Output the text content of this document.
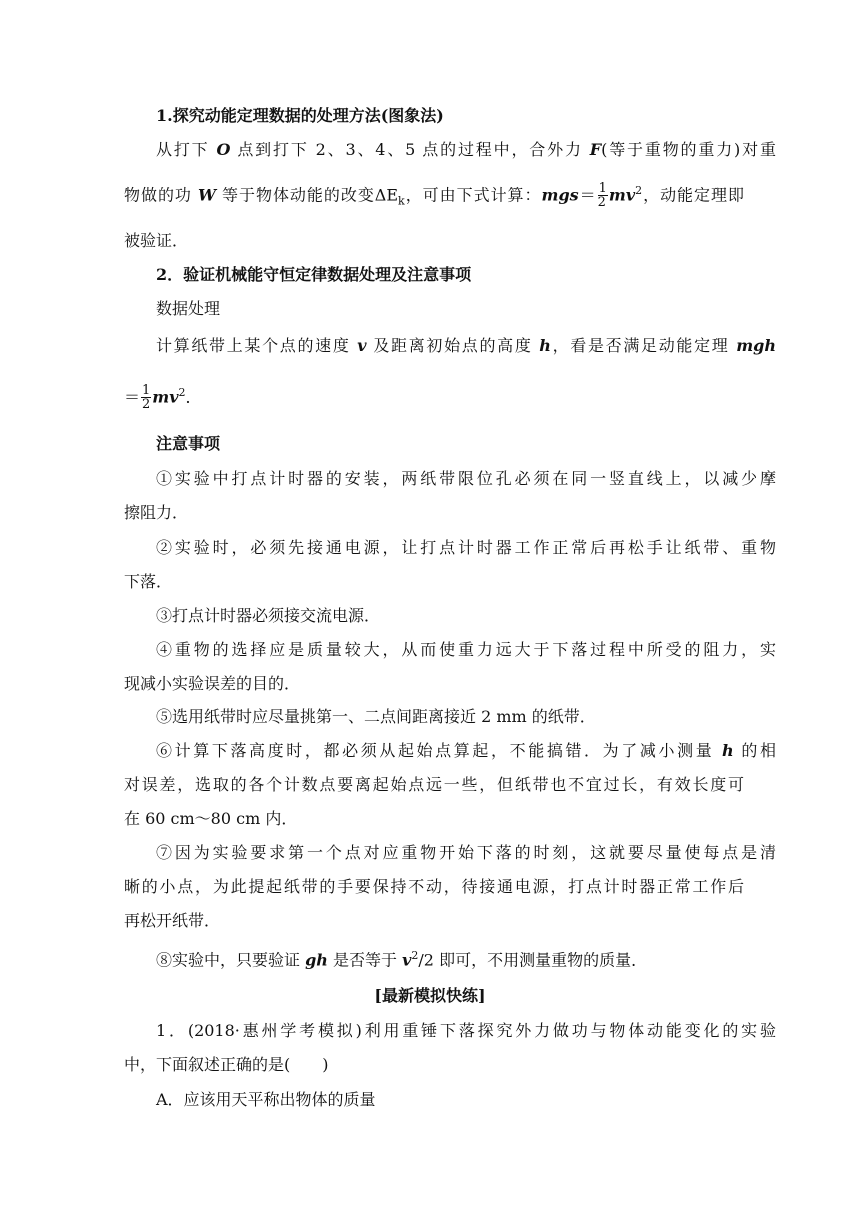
1.探究动能定理数据的处理方法(图象法)
从打下 O 点到打下 2、3、4、5 点的过程中，合外力 F(等于重物的重力)对重
物做的功 W 等于物体动能的改变$\Delta E_k$，可由下式计算：$mgs= \frac{1}{2} mv^2$，动能定理即
被验证．
2．验证机械能守恒定律数据处理及注意事项
数据处理
计算纸带上某个点的速度 v 及距离初始点的高度 h，看是否满足动能定理 mgh
＝ $\frac{1}{2} mv^2$．
注意事项
①实验中打点计时器的安装，两纸带限位孔必须在同一竖直线上，以减少摩
擦阻力．
②实验时，必须先接通电源，让打点计时器工作正常后再松手让纸带、重物
下落．
③打点计时器必须接交流电源．
④重物的选择应是质量较大，从而使重力远大于下落过程中所受的阻力，实
现减小实验误差的目的．
⑤选用纸带时应尽量挑第一、二点间距离接近 2 mm 的纸带．
⑥计算下落高度时，都必须从起始点算起，不能搞错．为了减小测量 h 的相
对误差，选取的各个计数点要离起始点远一些，但纸带也不宜过长，有效长度可
在 60 cm～80 cm 内．
⑦因为实验要求第一个点对应重物开始下落的时刻，这就要尽量使每点是清
晰的小点，为此提起纸带的手要保持不动，待接通电源，打点计时器正常工作后
再松开纸带．
⑧实验中，只要验证 gh 是否等于 $v^2/2$ 即可，不用测量重物的质量．
[最新模拟快练]
1．(2018·惠州学考模拟)利用重锤下落探究外力做功与物体动能变化的实验
中，下面叙述正确的是(　　)
A．应该用天平称出物体的质量
